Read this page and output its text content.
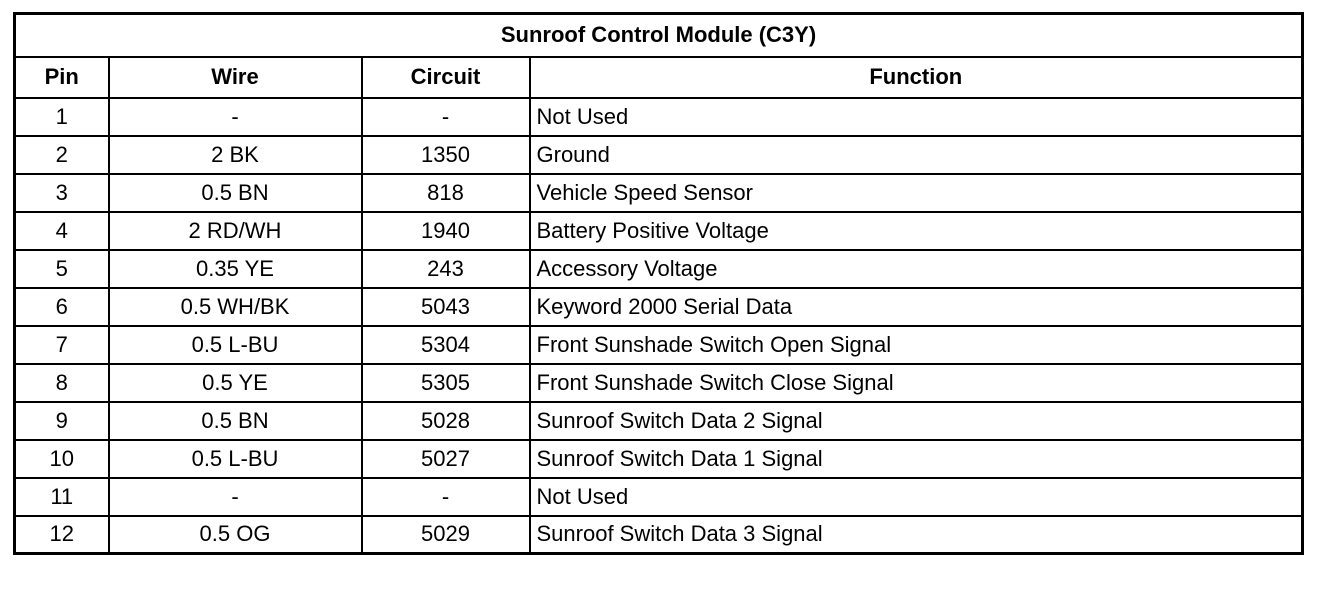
Sunroof Control Module (C3Y)			
Pin	Wire	Circuit	Function
1	-	-	Not Used
2	2 BK	1350	Ground
3	0.5 BN	818	Vehicle Speed Sensor
4	2 RD/WH	1940	Battery Positive Voltage
5	0.35 YE	243	Accessory Voltage
6	0.5 WH/BK	5043	Keyword 2000 Serial Data
7	0.5 L-BU	5304	Front Sunshade Switch Open Signal
8	0.5 YE	5305	Front Sunshade Switch Close Signal
9	0.5 BN	5028	Sunroof Switch Data 2 Signal
10	0.5 L-BU	5027	Sunroof Switch Data 1 Signal
11	-	-	Not Used
12	0.5 OG	5029	Sunroof Switch Data 3 Signal
